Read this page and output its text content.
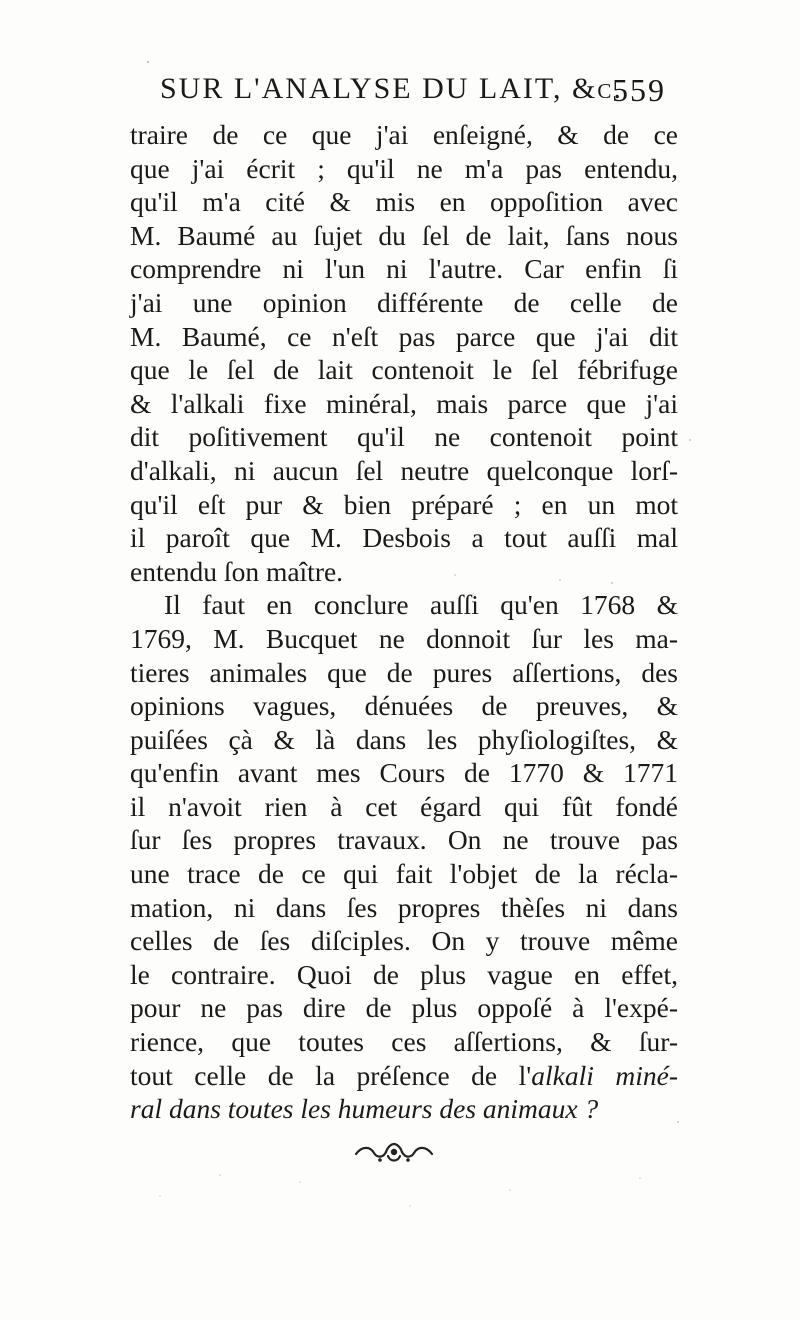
SUR L'ANALYSE DU LAIT, &c.
559
traire de ce que j'ai enſeigné, & de ce
que j'ai écrit ; qu'il ne m'a pas entendu,
qu'il m'a cité & mis en oppoſition avec
M. Baumé au ſujet du ſel de lait, ſans nous
comprendre ni l'un ni l'autre. Car enfin ſi
j'ai une opinion différente de celle de
M. Baumé, ce n'eſt pas parce que j'ai dit
que le ſel de lait contenoit le ſel fébrifuge
& l'alkali fixe minéral, mais parce que j'ai
dit poſitivement qu'il ne contenoit point
d'alkali, ni aucun ſel neutre quelconque lorſ-
qu'il eſt pur & bien préparé ; en un mot
il paroît que M. Desbois a tout auſſi mal
entendu ſon maître.
Il faut en conclure auſſi qu'en 1768 &
1769, M. Bucquet ne donnoit ſur les ma-
tieres animales que de pures aſſertions, des
opinions vagues, dénuées de preuves, &
puiſées çà & là dans les phyſiologiſtes, &
qu'enfin avant mes Cours de 1770 & 1771
il n'avoit rien à cet égard qui fût fondé
ſur ſes propres travaux. On ne trouve pas
une trace de ce qui fait l'objet de la récla-
mation, ni dans ſes propres thèſes ni dans
celles de ſes diſciples. On y trouve même
le contraire. Quoi de plus vague en effet,
pour ne pas dire de plus oppoſé à l'expé-
rience, que toutes ces aſſertions, & ſur-
tout celle de la préſence de l'alkali miné-
ral dans toutes les humeurs des animaux ?
